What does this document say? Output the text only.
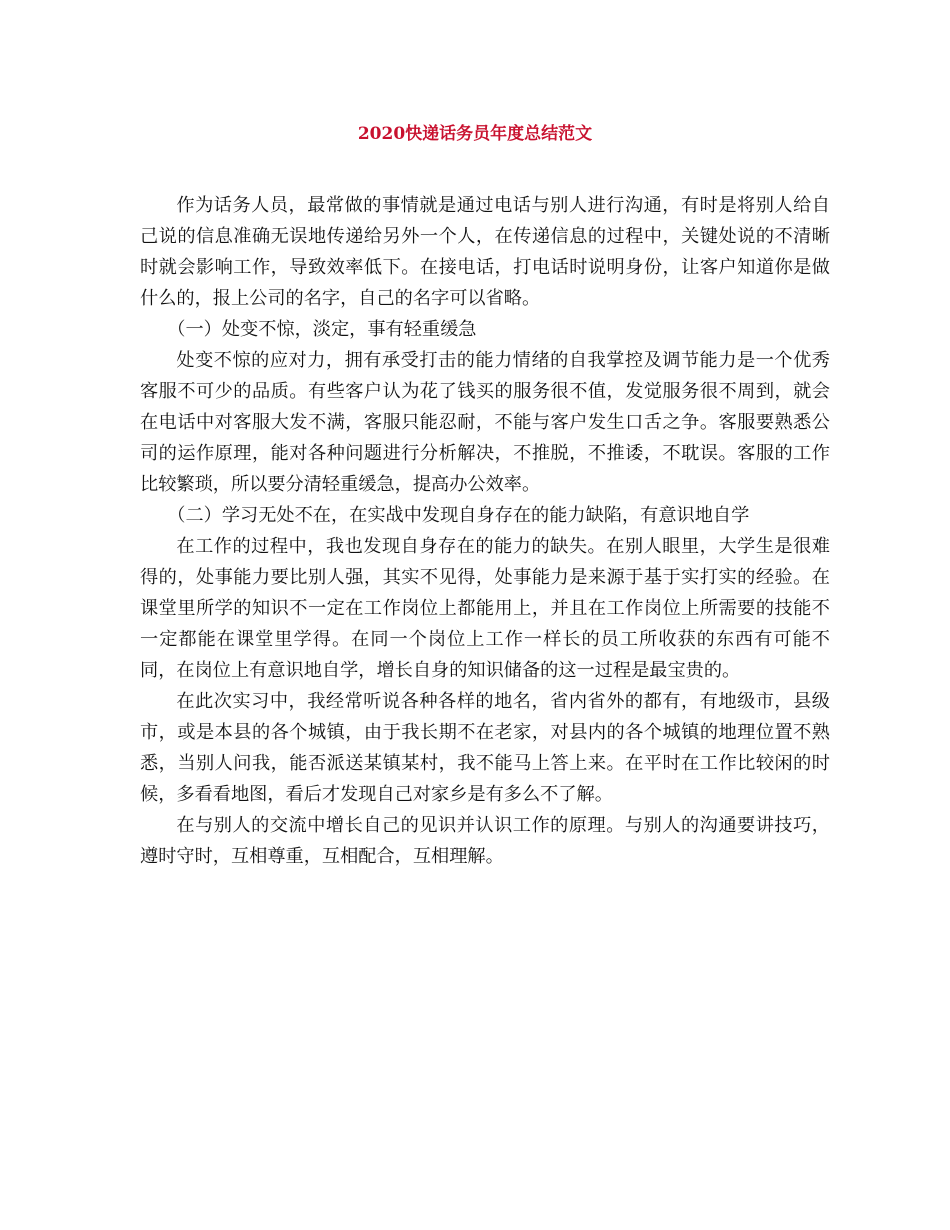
2020快递话务员年度总结范文

作为话务人员，最常做的事情就是通过电话与别人进行沟通，有时是将别人给自己说的信息准确无误地传递给另外一个人，在传递信息的过程中，关键处说的不清晰时就会影响工作，导致效率低下。在接电话，打电话时说明身份，让客户知道你是做什么的，报上公司的名字，自己的名字可以省略。

（一）处变不惊，淡定，事有轻重缓急

处变不惊的应对力，拥有承受打击的能力情绪的自我掌控及调节能力是一个优秀客服不可少的品质。有些客户认为花了钱买的服务很不值，发觉服务很不周到，就会在电话中对客服大发不满，客服只能忍耐，不能与客户发生口舌之争。客服要熟悉公司的运作原理，能对各种问题进行分析解决，不推脱，不推诿，不耽误。客服的工作比较繁琐，所以要分清轻重缓急，提高办公效率。

（二）学习无处不在，在实战中发现自身存在的能力缺陷，有意识地自学

在工作的过程中，我也发现自身存在的能力的缺失。在别人眼里，大学生是很难得的，处事能力要比别人强，其实不见得，处事能力是来源于基于实打实的经验。在课堂里所学的知识不一定在工作岗位上都能用上，并且在工作岗位上所需要的技能不一定都能在课堂里学得。在同一个岗位上工作一样长的员工所收获的东西有可能不同，在岗位上有意识地自学，增长自身的知识储备的这一过程是最宝贵的。

在此次实习中，我经常听说各种各样的地名，省内省外的都有，有地级市，县级市，或是本县的各个城镇，由于我长期不在老家，对县内的各个城镇的地理位置不熟悉，当别人问我，能否派送某镇某村，我不能马上答上来。在平时在工作比较闲的时候，多看看地图，看后才发现自己对家乡是有多么不了解。

在与别人的交流中增长自己的见识并认识工作的原理。与别人的沟通要讲技巧，遵时守时，互相尊重，互相配合，互相理解。
